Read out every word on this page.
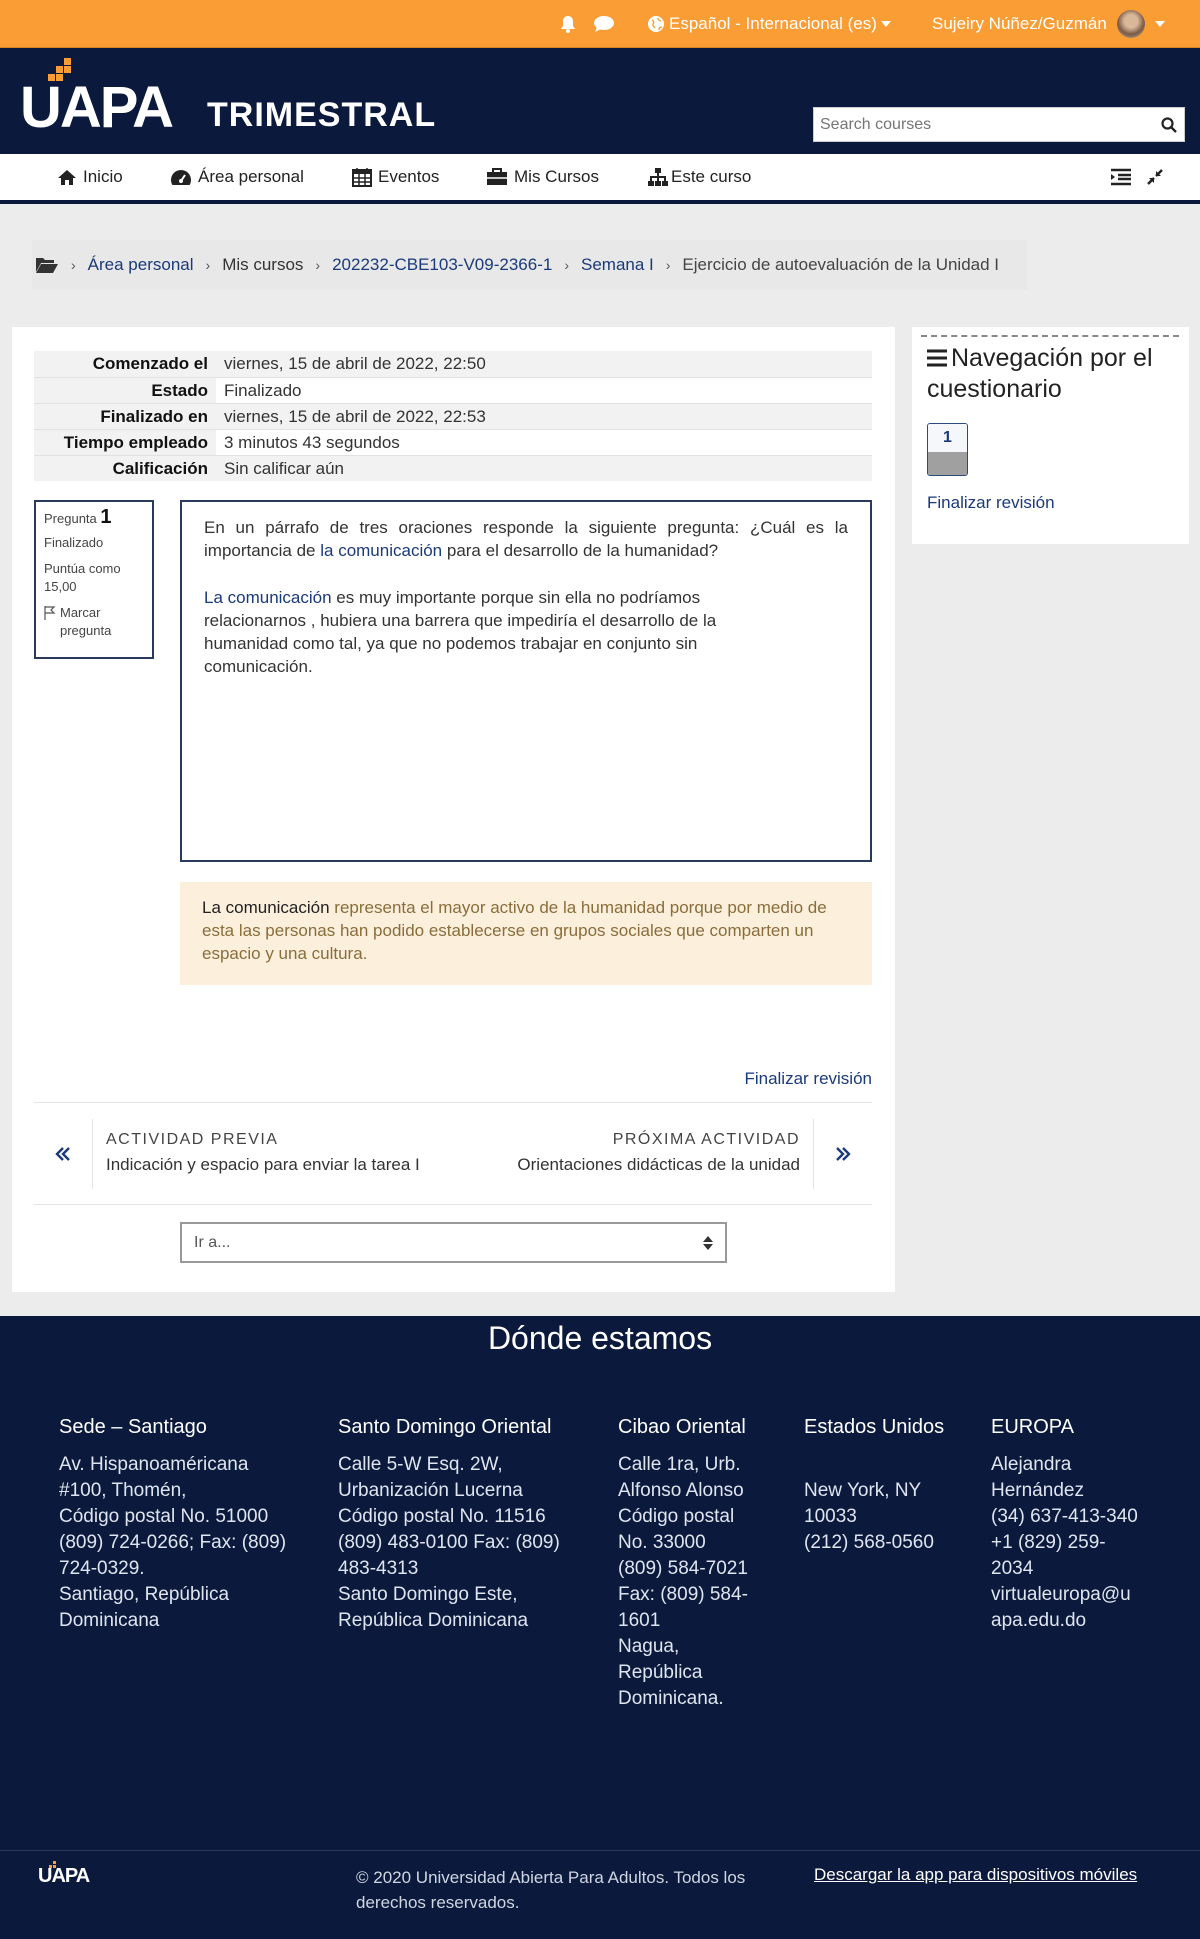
Español - Internacional (es)	Sujeiry Núñez/Guzmán
UAPA TRIMESTRAL
Search courses
Inicio	Área personal	Eventos	Mis Cursos	Este curso
› Área personal › Mis cursos › 202232-CBE103-V09-2366-1 › Semana I › Ejercicio de autoevaluación de la Unidad I
Comenzado el viernes, 15 de abril de 2022, 22:50
Estado Finalizado
Finalizado en viernes, 15 de abril de 2022, 22:53
Tiempo empleado 3 minutos 43 segundos
Calificación Sin calificar aún
Pregunta 1
Finalizado
Puntúa como 15,00
Marcar pregunta

En un párrafo de tres oraciones responde la siguiente pregunta: ¿Cuál es la importancia de la comunicación para el desarrollo de la humanidad?

La comunicación es muy importante porque sin ella no podríamos relacionarnos , hubiera una barrera que impediría el desarrollo de la humanidad como tal, ya que no podemos trabajar en conjunto sin comunicación.

La comunicación representa el mayor activo de la humanidad porque por medio de esta las personas han podido establecerse en grupos sociales que comparten un espacio y una cultura.
Finalizar revisión
ACTIVIDAD PREVIA
Indicación y espacio para enviar la tarea I
PRÓXIMA ACTIVIDAD
Orientaciones didácticas de la unidad
Ir a...
Navegación por el cuestionario
1
Finalizar revisión
Dónde estamos
Sede – Santiago
Av. Hispanoaméricana
#100, Thomén,
Código postal No. 51000
(809) 724-0266; Fax: (809)
724-0329.
Santiago, República
Dominicana
Santo Domingo Oriental
Calle 5-W Esq. 2W,
Urbanización Lucerna
Código postal No. 11516
(809) 483-0100 Fax: (809)
483-4313
Santo Domingo Este,
República Dominicana
Cibao Oriental
Calle 1ra, Urb.
Alfonso Alonso
Código postal
No. 33000
(809) 584-7021
Fax: (809) 584-
1601
Nagua,
República
Dominicana.
Estados Unidos
New York, NY
10033
(212) 568-0560
EUROPA
Alejandra
Hernández
(34) 637-413-340
+1 (829) 259-
2034
virtualeuropa@u
apa.edu.do
UAPA	© 2020 Universidad Abierta Para Adultos. Todos los derechos reservados.
Descargar la app para dispositivos móviles
